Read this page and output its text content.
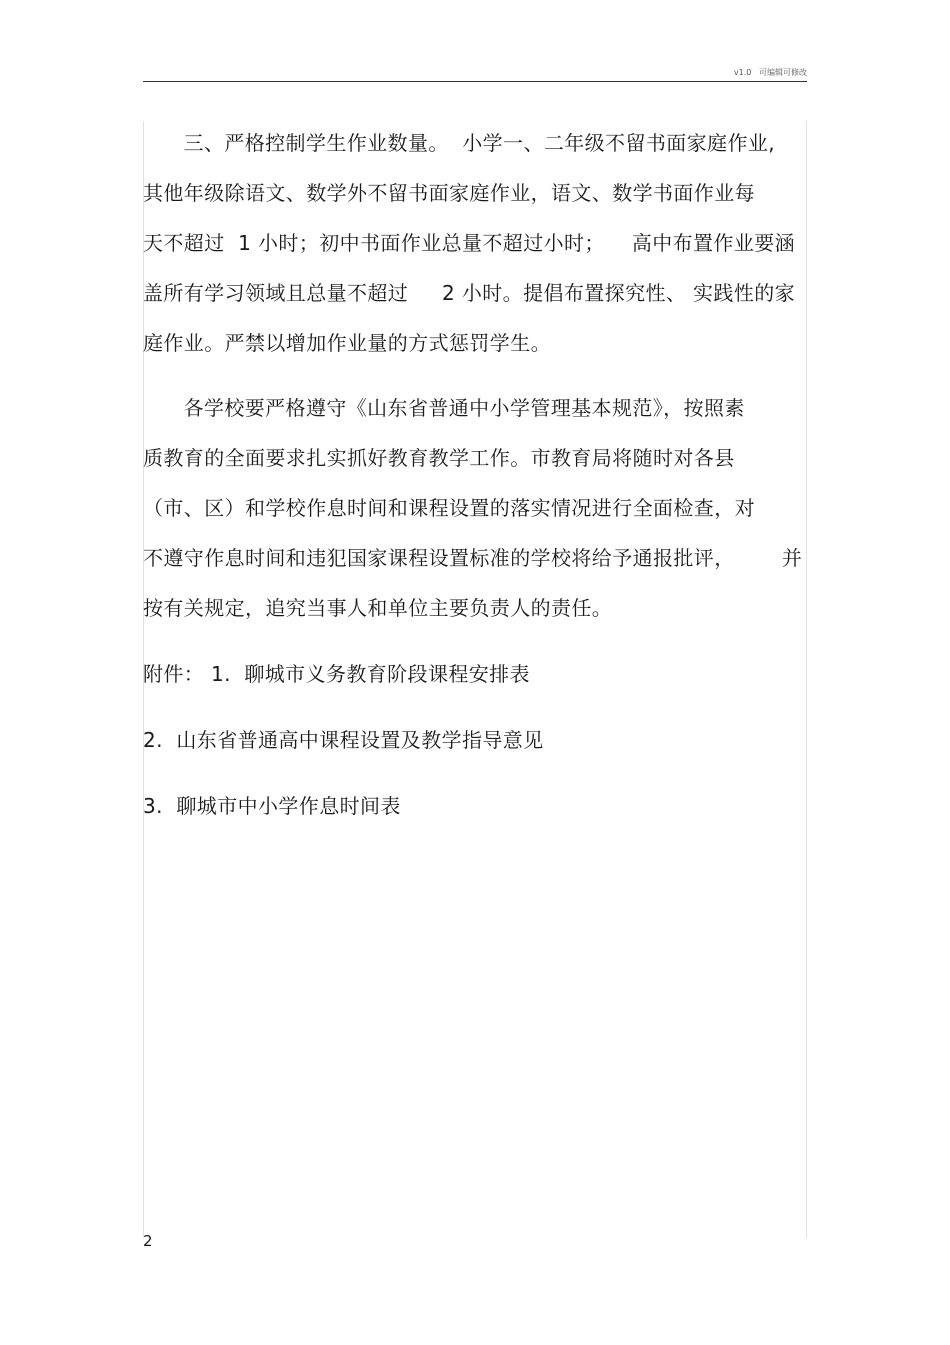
v1.0   可编辑可修改
三、严格控制学生作业数量。  小学一、二年级不留书面家庭作业,
其他年级除语文、数学外不留书面家庭作业，语文、数学书面作业每
天不超过  1 小时；初中书面作业总量不超过小时；    高中布置作业要涵
盖所有学习领域且总量不超过     2 小时。提倡布置探究性、 实践性的家
庭作业。严禁以增加作业量的方式惩罚学生。
各学校要严格遵守《山东省普通中小学管理基本规范》，按照素
质教育的全面要求扎实抓好教育教学工作。市教育局将随时对各县
（市、区）和学校作息时间和课程设置的落实情况进行全面检查，对
不遵守作息时间和违犯国家课程设置标准的学校将给予通报批评，       并
按有关规定，追究当事人和单位主要负责人的责任。
附件： 1.  聊城市义务教育阶段课程安排表
2.  山东省普通高中课程设置及教学指导意见
3.  聊城市中小学作息时间表
2
